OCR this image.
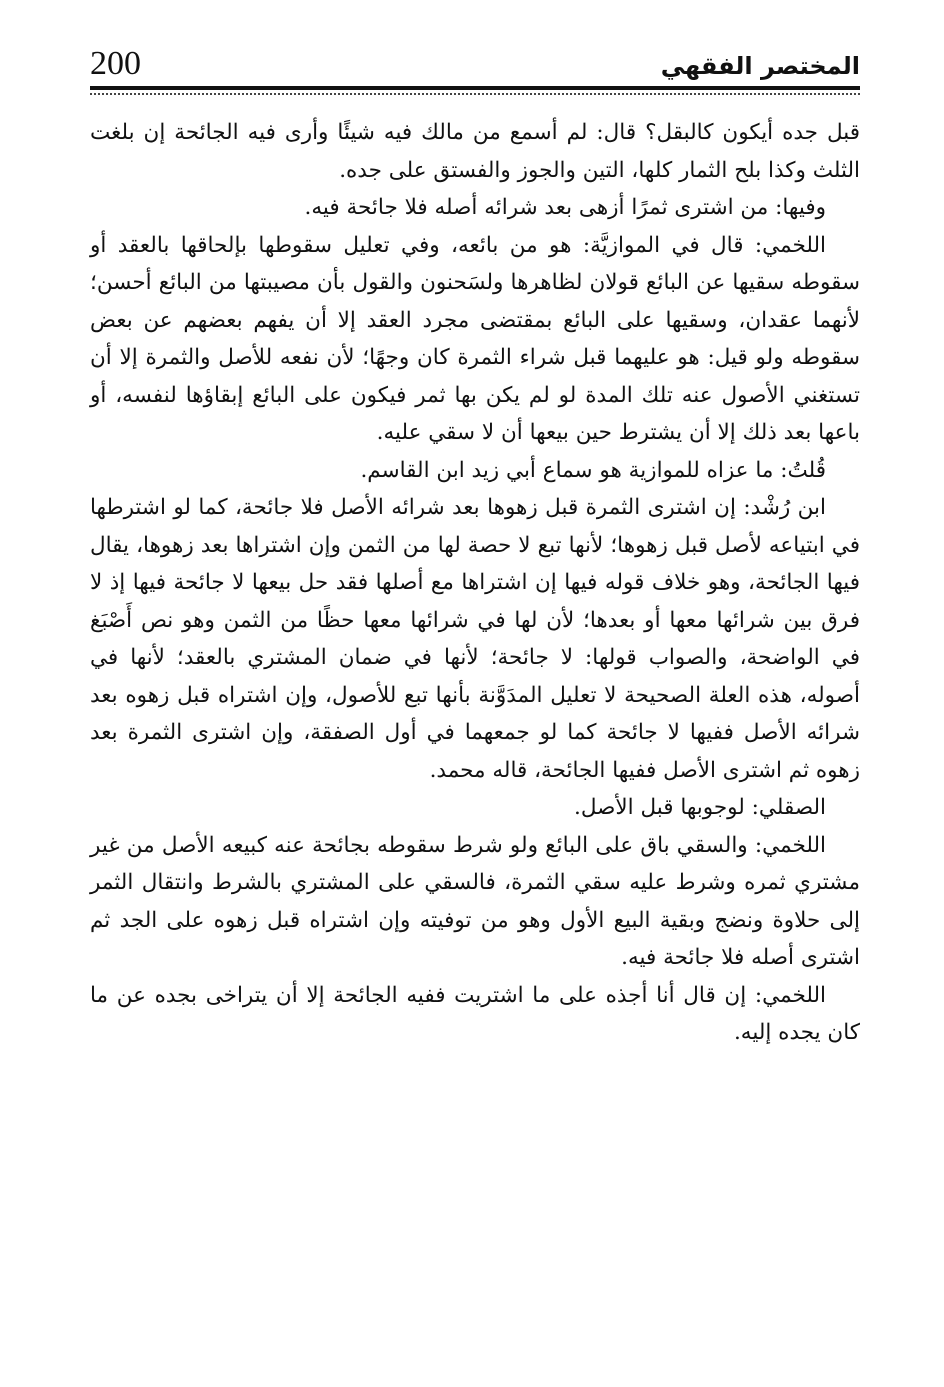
200	المختصر الفقهي

قبل جده أيكون كالبقل؟ قال: لم أسمع من مالك فيه شيئًا وأرى فيه الجائحة إن بلغت الثلث وكذا بلح الثمار كلها، التين والجوز والفستق على جده.

وفيها: من اشترى ثمرًا أزهى بعد شرائه أصله فلا جائحة فيه.

اللخمي: قال في الموازيَّة: هو من بائعه، وفي تعليل سقوطها بإلحاقها بالعقد أو سقوطه سقيها عن البائع قولان لظاهرها ولسَحنون والقول بأن مصيبتها من البائع أحسن؛ لأنهما عقدان، وسقيها على البائع بمقتضى مجرد العقد إلا أن يفهم بعضهم عن بعض سقوطه ولو قيل: هو عليهما قبل شراء الثمرة كان وجهًا؛ لأن نفعه للأصل والثمرة إلا أن تستغني الأصول عنه تلك المدة لو لم يكن بها ثمر فيكون على البائع إبقاؤها لنفسه، أو باعها بعد ذلك إلا أن يشترط حين بيعها أن لا سقي عليه.

قُلتُ: ما عزاه للموازية هو سماع أبي زيد ابن القاسم.

ابن رُشْد: إن اشترى الثمرة قبل زهوها بعد شرائه الأصل فلا جائحة، كما لو اشترطها في ابتياعه لأصل قبل زهوها؛ لأنها تبع لا حصة لها من الثمن وإن اشتراها بعد زهوها، يقال فيها الجائحة، وهو خلاف قوله فيها إن اشتراها مع أصلها فقد حل بيعها لا جائحة فيها إذ لا فرق بين شرائها معها أو بعدها؛ لأن لها في شرائها معها حظًا من الثمن وهو نص أَصْبَغ في الواضحة، والصواب قولها: لا جائحة؛ لأنها في ضمان المشتري بالعقد؛ لأنها في أصوله، هذه العلة الصحيحة لا تعليل المدَوَّنة بأنها تبع للأصول، وإن اشتراه قبل زهوه بعد شرائه الأصل ففيها لا جائحة كما لو جمعهما في أول الصفقة، وإن اشترى الثمرة بعد زهوه ثم اشترى الأصل ففيها الجائحة، قاله محمد.

الصقلي: لوجوبها قبل الأصل.

اللخمي: والسقي باق على البائع ولو شرط سقوطه بجائحة عنه كبيعه الأصل من غير مشتري ثمره وشرط عليه سقي الثمرة، فالسقي على المشتري بالشرط وانتقال الثمر إلى حلاوة ونضج وبقية البيع الأول وهو من توفيته وإن اشتراه قبل زهوه على الجد ثم اشترى أصله فلا جائحة فيه.

اللخمي: إن قال أنا أجذه على ما اشتريت ففيه الجائحة إلا أن يتراخى بجده عن ما كان يجده إليه.
